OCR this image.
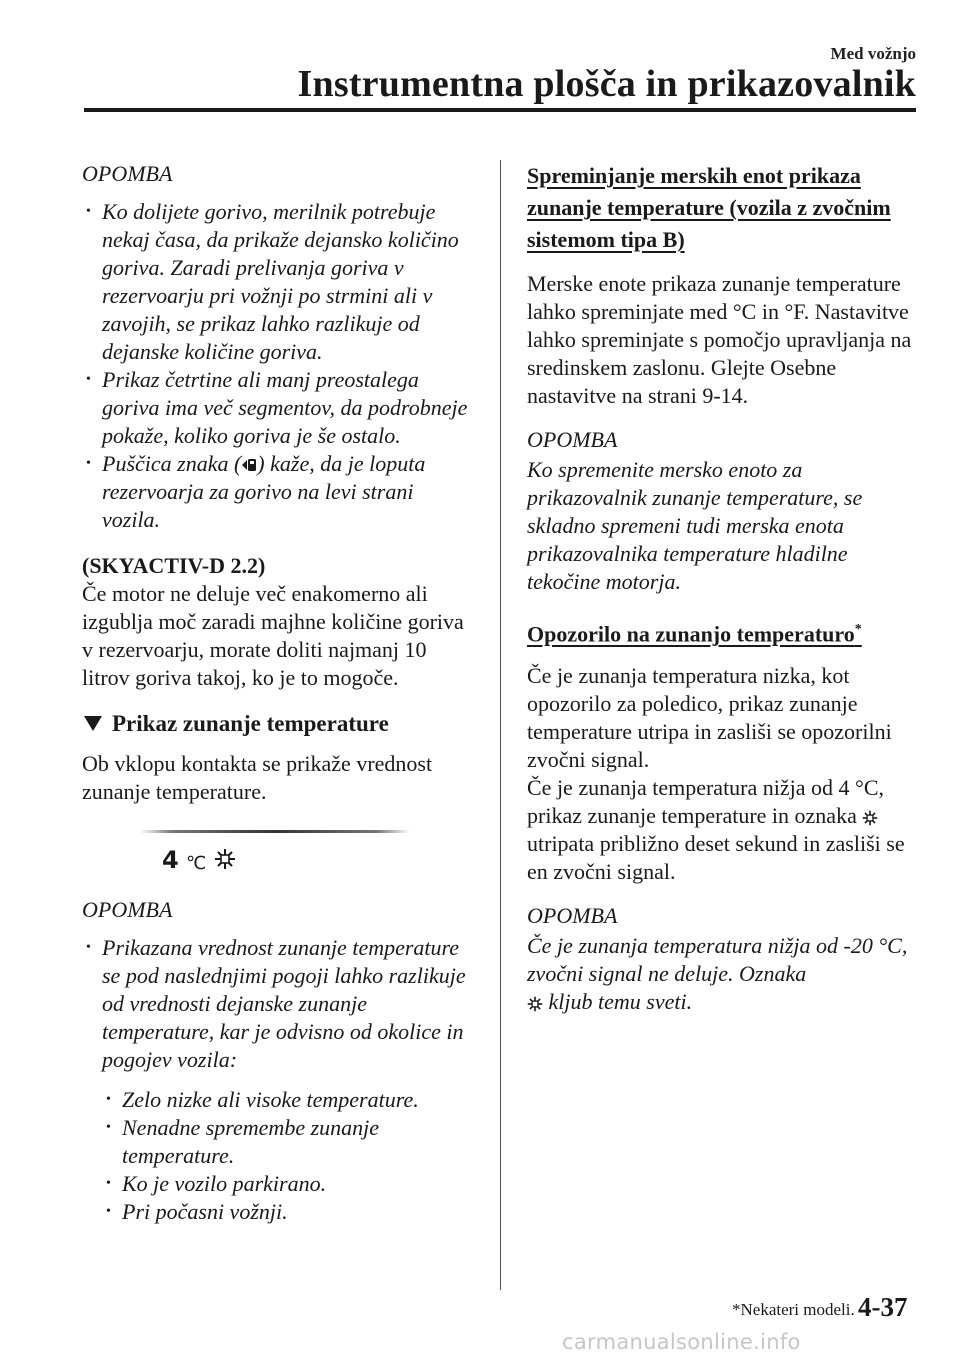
Med vožnjo
Instrumentna plošča in prikazovalnik
OPOMBA
• Ko dolijete gorivo, merilnik potrebuje nekaj časa, da prikaže dejansko količino goriva. Zaradi prelivanja goriva v rezervoarju pri vožnji po strmini ali v zavojih, se prikaz lahko razlikuje od dejanske količine goriva.
• Prikaz četrtine ali manj preostalega goriva ima več segmentov, da podrobneje pokaže, koliko goriva je še ostalo.
• Puščica znaka ( ) kaže, da je loputa rezervoarja za gorivo na levi strani vozila.
(SKYACTIV-D 2.2)
Če motor ne deluje več enakomerno ali izgublja moč zaradi majhne količine goriva v rezervoarju, morate doliti najmanj 10 litrov goriva takoj, ko je to mogoče.
Prikaz zunanje temperature
Ob vklopu kontakta se prikaže vrednost zunanje temperature.
4 ℃
OPOMBA
• Prikazana vrednost zunanje temperature se pod naslednjimi pogoji lahko razlikuje od vrednosti dejanske zunanje temperature, kar je odvisno od okolice in pogojev vozila:
• Zelo nizke ali visoke temperature.
• Nenadne spremembe zunanje temperature.
• Ko je vozilo parkirano.
• Pri počasni vožnji.
Spreminjanje merskih enot prikaza zunanje temperature (vozila z zvočnim sistemom tipa B)
Merske enote prikaza zunanje temperature lahko spreminjate med °C in °F. Nastavitve lahko spreminjate s pomočjo upravljanja na sredinskem zaslonu. Glejte Osebne nastavitve na strani 9-14.
OPOMBA
Ko spremenite mersko enoto za prikazovalnik zunanje temperature, se skladno spremeni tudi merska enota prikazovalnika temperature hladilne tekočine motorja.
Opozorilo na zunanjo temperaturo*
Če je zunanja temperatura nizka, kot opozorilo za poledico, prikaz zunanje temperature utripa in zasliši se opozorilni zvočni signal.
Če je zunanja temperatura nižja od 4 °C, prikaz zunanje temperature in oznaka  utripata približno deset sekund in zasliši se en zvočni signal.
OPOMBA
Če je zunanja temperatura nižja od -20 °C, zvočni signal ne deluje. Oznaka
kljub temu sveti.
*Nekateri modeli. 4-37
carmanualsonline.info
